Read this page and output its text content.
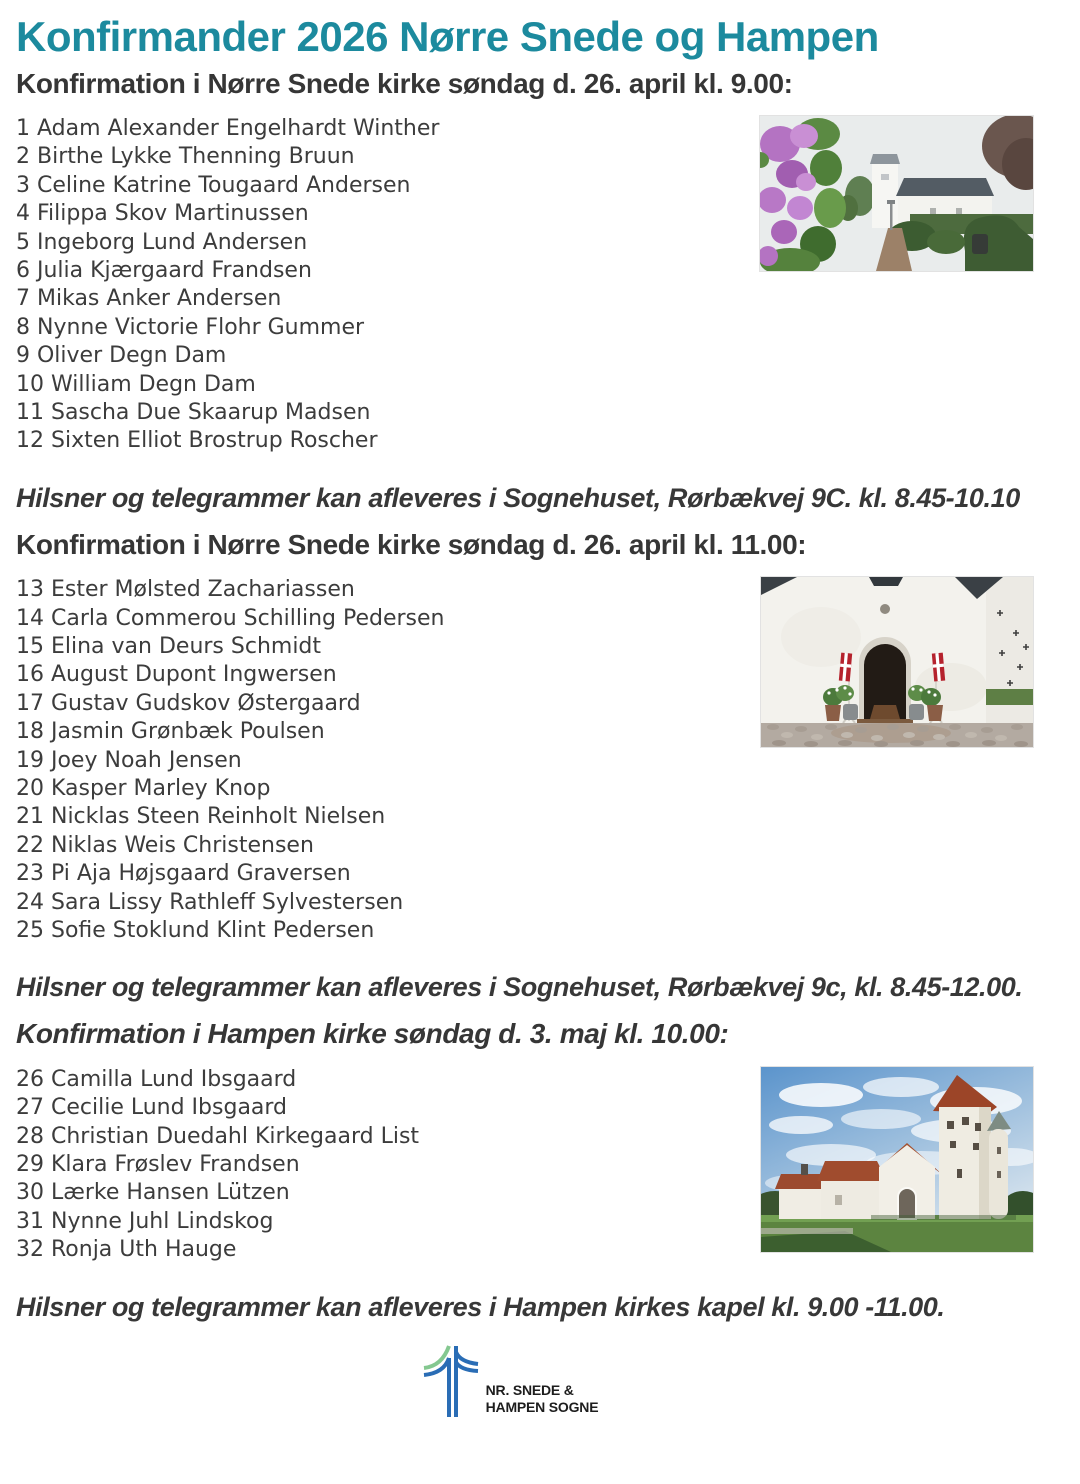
Konfirmander 2026 Nørre Snede og Hampen
Konfirmation i Nørre Snede kirke søndag d. 26. april kl. 9.00:
1 Adam Alexander Engelhardt Winther
2 Birthe Lykke Thenning Bruun
3 Celine Katrine Tougaard Andersen
4 Filippa Skov Martinussen
5 Ingeborg Lund Andersen
6 Julia Kjærgaard Frandsen
7 Mikas Anker Andersen
8 Nynne Victorie Flohr Gummer
9 Oliver Degn Dam
10 William Degn Dam
11 Sascha Due Skaarup Madsen
12 Sixten Elliot Brostrup Roscher

Hilsner og telegrammer kan afleveres i Sognehuset, Rørbækvej 9C. kl. 8.45-10.10

Konfirmation i Nørre Snede kirke søndag d. 26. april kl. 11.00:
13 Ester Mølsted Zachariassen
14 Carla Commerou Schilling Pedersen
15 Elina van Deurs Schmidt
16 August Dupont Ingwersen
17 Gustav Gudskov Østergaard
18 Jasmin Grønbæk Poulsen
19 Joey Noah Jensen
20 Kasper Marley Knop
21 Nicklas Steen Reinholt Nielsen
22 Niklas Weis Christensen
23 Pi Aja Højsgaard Graversen
24 Sara Lissy Rathleff Sylvestersen
25 Sofie Stoklund Klint Pedersen

Hilsner og telegrammer kan afleveres i Sognehuset, Rørbækvej 9c, kl. 8.45-12.00.

Konfirmation i Hampen kirke søndag d. 3. maj kl. 10.00:
26 Camilla Lund Ibsgaard
27 Cecilie Lund Ibsgaard
28 Christian Duedahl Kirkegaard List
29 Klara Frøslev Frandsen
30 Lærke Hansen Lützen
31 Nynne Juhl Lindskog
32 Ronja Uth Hauge

Hilsner og telegrammer kan afleveres i Hampen kirkes kapel kl. 9.00 -11.00.

NR. SNEDE &
HAMPEN SOGNE
